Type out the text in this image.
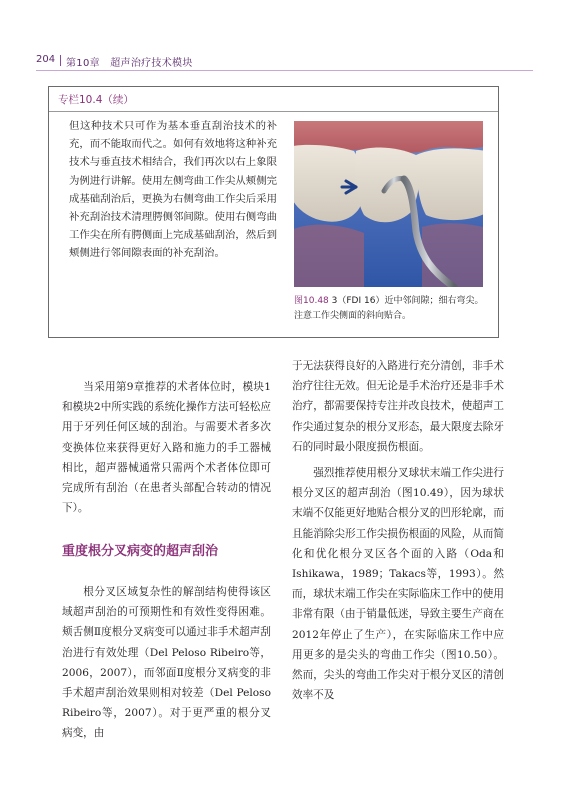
204 第10章　超声治疗技术模块
专栏10.4（续）
但这种技术只可作为基本垂直刮治技术的补充，而不能取而代之。如何有效地将这种补充技术与垂直技术相结合，我们再次以右上象限为例进行讲解。使用左侧弯曲工作尖从颊侧完成基础刮治后，更换为右侧弯曲工作尖后采用补充刮治技术清理腭侧邻间隙。使用右侧弯曲工作尖在所有腭侧面上完成基础刮治，然后到颊侧进行邻间隙表面的补充刮治。
图10.48 3（FDI 16）近中邻间隙；细右弯尖。注意工作尖侧面的斜向贴合。

当采用第9章推荐的术者体位时，模块1和模块2中所实践的系统化操作方法可轻松应用于牙列任何区域的刮治。与需要术者多次变换体位来获得更好入路和施力的手工器械相比，超声器械通常只需两个术者体位即可完成所有刮治（在患者头部配合转动的情况下）。

重度根分叉病变的超声刮治

根分叉区域复杂性的解剖结构使得该区域超声刮治的可预期性和有效性变得困难。颊舌侧Ⅱ度根分叉病变可以通过非手术超声刮治进行有效处理（Del Peloso Ribeiro等，2006，2007），而邻面Ⅱ度根分叉病变的非手术超声刮治效果则相对较差（Del Peloso Ribeiro等，2007）。对于更严重的根分叉病变，由

于无法获得良好的入路进行充分清创，非手术治疗往往无效。但无论是手术治疗还是非手术治疗，都需要保持专注并改良技术，使超声工作尖通过复杂的根分叉形态，最大限度去除牙石的同时最小限度损伤根面。

强烈推荐使用根分叉球状末端工作尖进行根分叉区的超声刮治（图10.49），因为球状末端不仅能更好地贴合根分叉的凹形轮廓，而且能消除尖形工作尖损伤根面的风险，从而简化和优化根分叉区各个面的入路（Oda和Ishikawa，1989；Takacs等，1993）。然而，球状末端工作尖在实际临床工作中的使用非常有限（由于销量低迷，导致主要生产商在2012年停止了生产），在实际临床工作中应用更多的是尖头的弯曲工作尖（图10.50）。然而，尖头的弯曲工作尖对于根分叉区的清创效率不及
